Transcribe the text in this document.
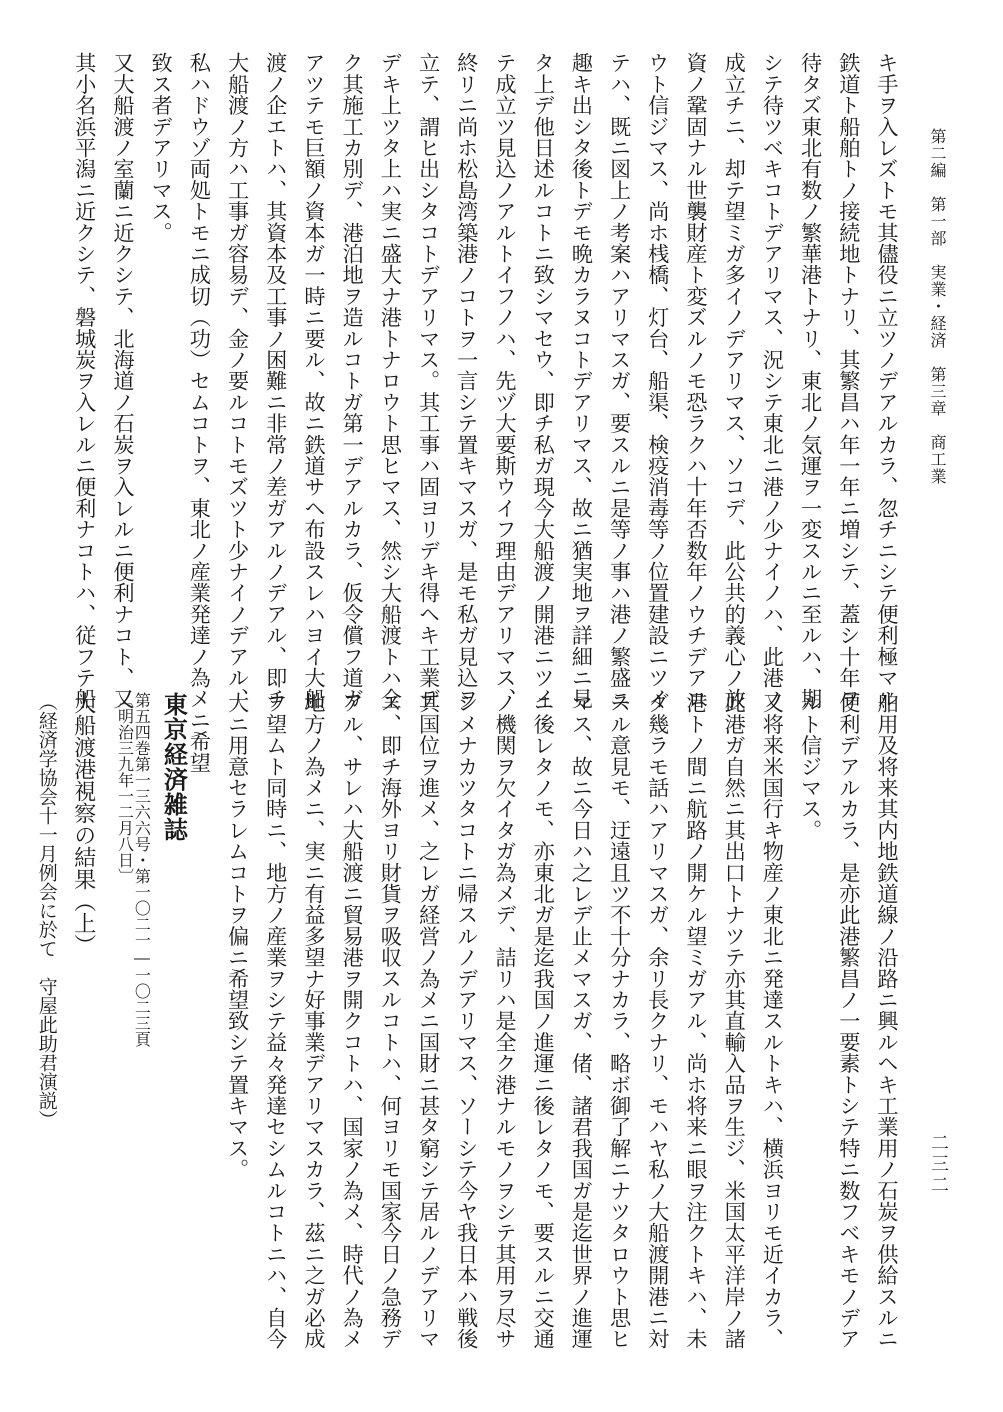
第二編　第一部　実業・経済　第三章　商工業
二三二
キ手ヲ入レズトモ其儘役ニ立ツノデアルカラ、忽チニシテ便利極マル
鉄道ト船舶トノ接続地トナリ、其繁昌ハ年一年ニ増シテ、蓋シ十年ヲ
待タズ東北有数ノ繁華港トナリ、東北ノ気運ヲ一変スルニ至ルハ、期
シテ待ツベキコトデアリマス、況シテ東北ニ港ノ少ナイノハ、此港ノ
成立チニ、却テ望ミガ多イノデアリマス、ソコデ、此公共的義心ノ放
資ノ鞏固ナル世襲財産ト変ズルノモ恐ラクハ十年否数年ノウチデアロ
ウト信ジマス、尚ホ桟橋、灯台、船渠、検疫消毒等ノ位置建設ニツイ
テハ、既ニ図上ノ考案ハアリマスガ、要スルニ是等ノ事ハ港ノ繁盛ニ
趣キ出シタ後トデモ晩カラヌコトデアリマス、故ニ猶実地ヲ詳細ニ見
タ上デ他日述ルコトニ致シマセウ、即チ私ガ現今大船渡ノ開港ニツイ
テ成立ツ見込ノアルトイフノハ、先ヅ大要斯ウイフ理由デアリマス、
終リニ尚ホ松島湾築港ノコトヲ一言シテ置キマスガ、是モ私ガ見込ヲ
立テ、謂ヒ出シタコトデアリマス。其工事ハ固ヨリデキ得ヘキ工業デ
デキ上ツタ上ハ実ニ盛大ナ港トナロウト思ヒマス、然シ大船渡トハ全
ク其施工カ別デ、港泊地ヲ造ルコトガ第一デアルカラ、仮令償フ道ガ
アツテモ巨額ノ資本ガ一時ニ要ル、故ニ鉄道サヘ布設スレハヨイ大船
渡ノ企エトハ、其資本及工事ノ困難ニ非常ノ差ガアルノデアル、即チ
大船渡ノ方ハ工事ガ容易デ、金ノ要ルコトモズツト少ナイノデアル、
私ハドウゾ両処トモニ成切（功）セムコトヲ、東北ノ産業発達ノ為メニ希望
致ス者デアリマス。
又大船渡ノ室蘭ニ近クシテ、北海道ノ石炭ヲ入レルニ便利ナコト、又
其小名浜平潟ニ近クシテ、磐城炭ヲ入レルニ便利ナコトハ、従フテ船
舶用及将来其内地鉄道線ノ沿路ニ興ルヘキ工業用ノ石炭ヲ供給スルニ
便利デアルカラ、是亦此港繁昌ノ一要素トシテ特ニ数フベキモノデア
ルト信ジマス。
又将来米国行キ物産ノ東北ニ発達スルトキハ、横浜ヨリモ近イカラ、
此港ガ自然ニ其出口トナツテ亦其直輸入品ヲ生ジ、米国太平洋岸ノ諸
港トノ間ニ航路ノ開ケル望ミガアル、尚ホ将来ニ眼ヲ注クトキハ、未
ダ幾ラモ話ハアリマスガ、余リ長クナリ、モハヤ私ノ大船渡開港ニ対
スル意見モ、迂遠且ツ不十分ナカラ、略ボ御了解ニナツタロウト思ヒ
マス、故ニ今日ハ之レデ止メマスガ、偖、諸君我国ガ是迄世界ノ進運
ニ後レタノモ、亦東北ガ是迄我国ノ進運ニ後レタノモ、要スルニ交通
ノ機関ヲ欠イタガ為メデ、詰リハ是全ク港ナルモノヲシテ其用ヲ尽サ
シメナカツタコトニ帰スルノデアリマス、ソーシテ今ヤ我日本ハ戦後
其国位ヲ進メ、之レガ経営ノ為メニ国財ニ甚タ窮シテ居ルノデアリマ
ス、即チ海外ヨリ財貨ヲ吸収スルコトハ、何ヨリモ国家今日ノ急務デ
アル、サレハ大船渡ニ貿易港ヲ開クコトハ、国家ノ為メ、時代ノ為メ
地方ノ為メニ、実ニ有益多望ナ好事業デアリマスカラ、茲ニ之ガ必成
ヲ望ムト同時ニ、地方ノ産業ヲシテ益々発達セシムルコトニハ、自今
大ニ用意セラレムコトヲ偏ニ希望致シテ置キマス。
東京経済雑誌
第五四巻第一三六六号・第一〇二一―一〇二三頁
〔明治三九年一二月八日〕
大船渡港視察の結果（上）
（経済学協会十一月例会に於て　守屋此助君演説）
